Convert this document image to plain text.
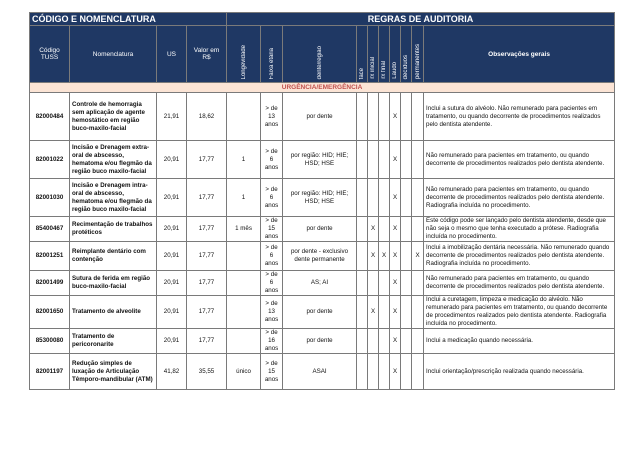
CÓDIGO E NOMENCLATURA				REGRAS DE AUDITORIA									
Código TUSS	Nomenclatura	US	Valor em R$	Longevidade	Faixa etária	dente/região	face	rx inicial	rx final	Laudo	decíduos	permanentes	Observações gerais
URGÊNCIA/EMERGÊNCIA													
82000484	Controle de hemorragia sem aplicação de agente hemostático em região buco-maxilo-facial	21,91	18,62		> de 13 anos	por dente				X			Inclui a sutura do alvéolo. Não remunerado para pacientes em tratamento, ou quando decorrente de procedimentos realizados pelo dentista atendente.
82001022	Incisão e Drenagem extra-oral de abscesso, hematoma e/ou flegmão da região buco maxilo-facial	20,91	17,77	1	> de 6 anos	por região: HID; HIE; HSD; HSE				X			Não remunerado para pacientes em tratamento, ou quando decorrente de procedimentos realizados pelo dentista atendente.
82001030	Incisão e Drenagem intra-oral de abscesso, hematoma e/ou flegmão da região buco maxilo-facial	20,91	17,77	1	> de 6 anos	por região: HID; HIE; HSD; HSE				X			Não remunerado para pacientes em tratamento, ou quando decorrente de procedimentos realizados pelo dentista atendente. Radiografia incluída no procedimento.
85400467	Recimentação de trabalhos protéticos	20,91	17,77	1 mês	> de 15 anos	por dente		X		X			Este código pode ser lançado pelo dentista atendente, desde que não seja o mesmo que tenha executado a prótese. Radiografia incluída no procedimento.
82001251	Reimplante dentário com contenção	20,91	17,77		> de 6 anos	por dente - exclusivo dente permanente		X	X	X		X	Inclui a imobilização dentária necessária. Não remunerado quando decorrente de procedimentos realizados pelo dentista atendente. Radiografia incluída no procedimento.
82001499	Sutura de ferida em região buco-maxilo-facial	20,91	17,77		> de 6 anos	AS; AI				X			Não remunerado para pacientes em tratamento, ou quando decorrente de procedimentos realizados pelo dentista atendente.
82001650	Tratamento de alveolite	20,91	17,77		> de 13 anos	por dente		X		X			Inclui a curetagem, limpeza e medicação do alvéolo. Não remunerado para pacientes em tratamento, ou quando decorrente de procedimentos realizados pelo dentista atendente. Radiografia incluída no procedimento.
85300080	Tratamento de pericoronarite	20,91	17,77		> de 16 anos	por dente				X			Inclui a medicação quando necessária.
82001197	Redução simples de luxação de Articulação Têmporo-mandibular (ATM)	41,82	35,55	único	> de 15 anos	ASAI				X			Inclui orientação/prescrição realizada quando necessária.
